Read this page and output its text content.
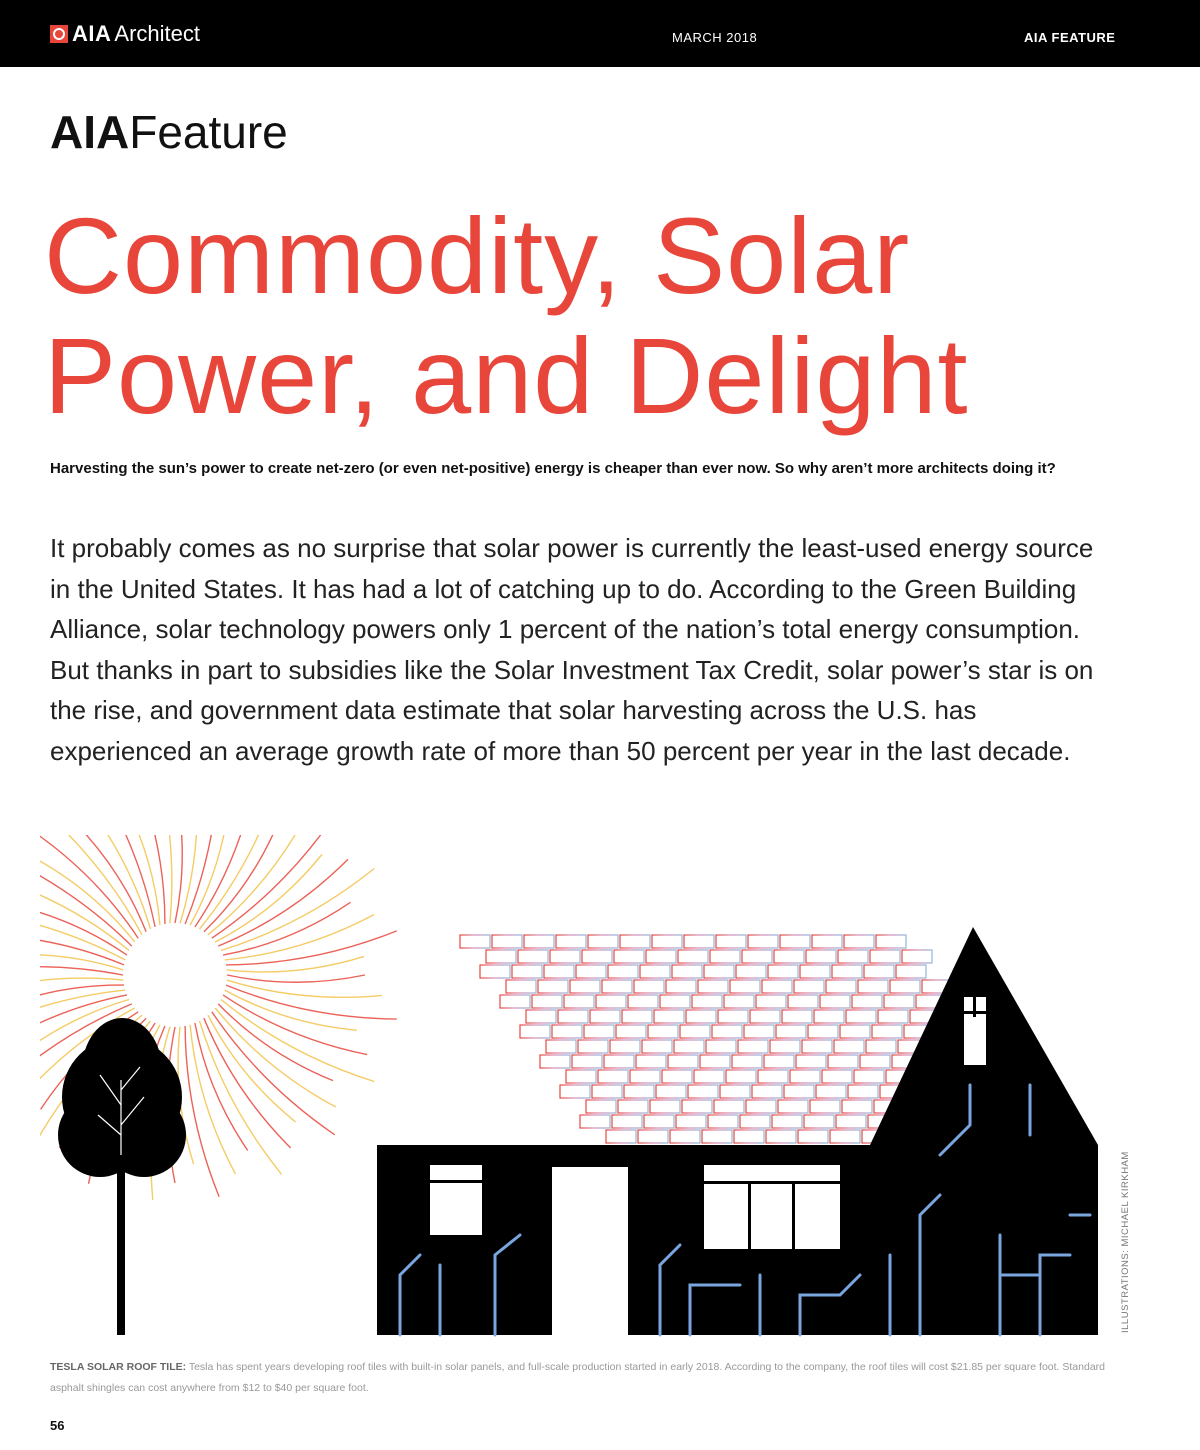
AIA Architect	MARCH 2018	AIA FEATURE
AIAFeature
Commodity, Solar Power, and Delight

Harvesting the sun’s power to create net-zero (or even net-positive) energy is cheaper than ever now. So why aren’t more architects doing it?

It probably comes as no surprise that solar power is currently the least-used energy source in the United States. It has had a lot of catching up to do. According to the Green Building Alliance, solar technology powers only 1 percent of the nation’s total energy consumption. But thanks in part to subsidies like the Solar Investment Tax Credit, solar power’s star is on the rise, and government data estimate that solar harvesting across the U.S. has experienced an average growth rate of more than 50 percent per year in the last decade.

ILLUSTRATIONS: MICHAEL KIRKHAM

TESLA SOLAR ROOF TILE: Tesla has spent years developing roof tiles with built-in solar panels, and full-scale production started in early 2018. According to the company, the roof tiles will cost $21.85 per square foot. Standard asphalt shingles can cost anywhere from $12 to $40 per square foot.

56
